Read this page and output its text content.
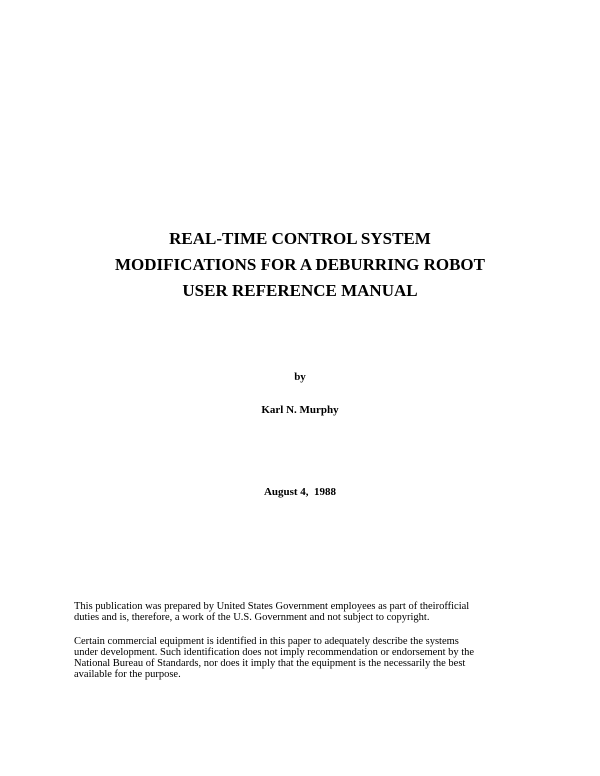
REAL-TIME CONTROL SYSTEM
MODIFICATIONS FOR A DEBURRING ROBOT
USER REFERENCE MANUAL
by
Karl N. Murphy
August 4,  1988
This publication was prepared by United States Government employees as part of theirofficial
duties and is, therefore, a work of the U.S. Government and not subject to copyright.
Certain commercial equipment is identified in this paper to adequately describe the systems
under development. Such identification does not imply recommendation or endorsement by the
National Bureau of Standards, nor does it imply that the equipment is the necessarily the best
available for the purpose.
